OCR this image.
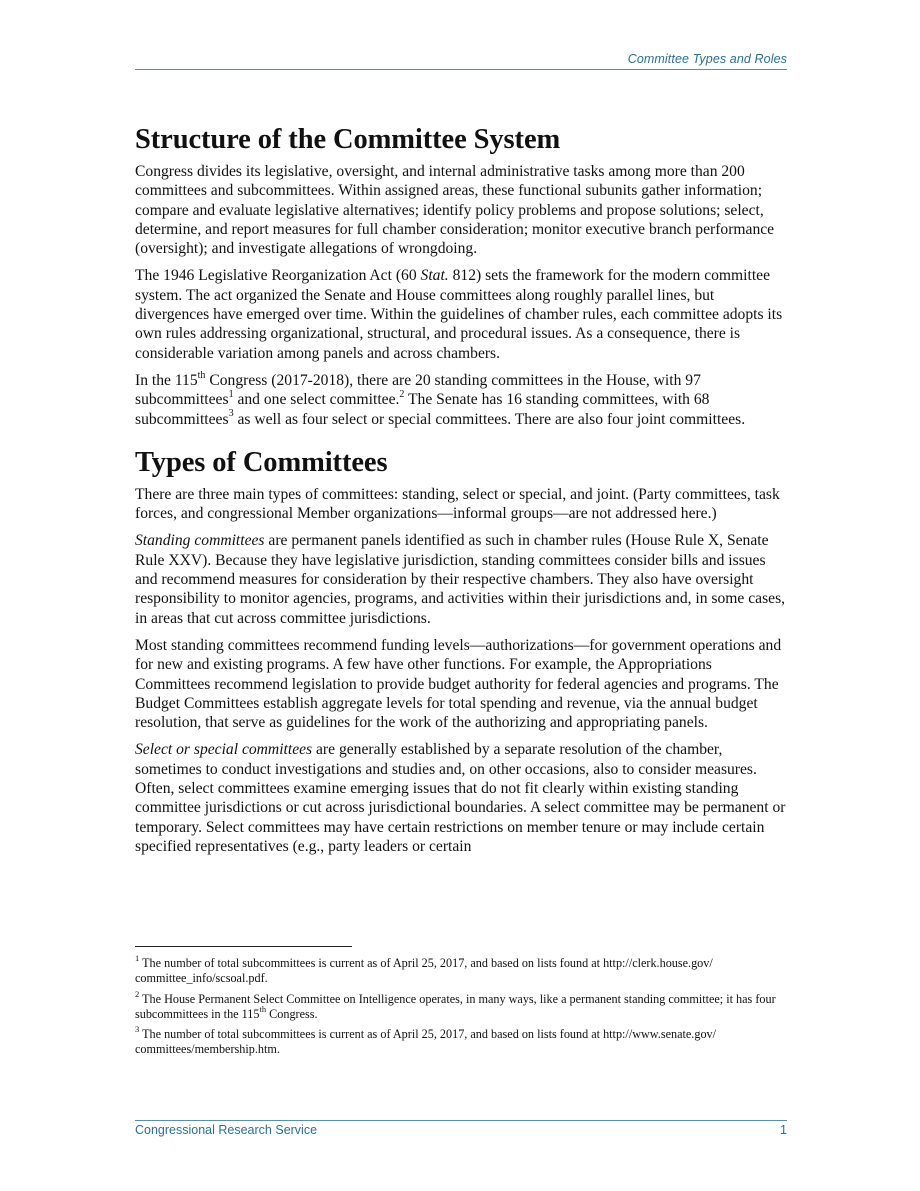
Committee Types and Roles
Structure of the Committee System

Congress divides its legislative, oversight, and internal administrative tasks among more than 200 committees and subcommittees. Within assigned areas, these functional subunits gather information; compare and evaluate legislative alternatives; identify policy problems and propose solutions; select, determine, and report measures for full chamber consideration; monitor executive branch performance (oversight); and investigate allegations of wrongdoing.

The 1946 Legislative Reorganization Act (60 Stat. 812) sets the framework for the modern committee system. The act organized the Senate and House committees along roughly parallel lines, but divergences have emerged over time. Within the guidelines of chamber rules, each committee adopts its own rules addressing organizational, structural, and procedural issues. As a consequence, there is considerable variation among panels and across chambers.

In the 115th Congress (2017-2018), there are 20 standing committees in the House, with 97 subcommittees$^1$ and one select committee.$^2$ The Senate has 16 standing committees, with 68 subcommittees$^3$ as well as four select or special committees. There are also four joint committees.

Types of Committees

There are three main types of committees: standing, select or special, and joint. (Party committees, task forces, and congressional Member organizations—informal groups—are not addressed here.)

Standing committees are permanent panels identified as such in chamber rules (House Rule X, Senate Rule XXV). Because they have legislative jurisdiction, standing committees consider bills and issues and recommend measures for consideration by their respective chambers. They also have oversight responsibility to monitor agencies, programs, and activities within their jurisdictions and, in some cases, in areas that cut across committee jurisdictions.

Most standing committees recommend funding levels—authorizations—for government operations and for new and existing programs. A few have other functions. For example, the Appropriations Committees recommend legislation to provide budget authority for federal agencies and programs. The Budget Committees establish aggregate levels for total spending and revenue, via the annual budget resolution, that serve as guidelines for the work of the authorizing and appropriating panels.

Select or special committees are generally established by a separate resolution of the chamber, sometimes to conduct investigations and studies and, on other occasions, also to consider measures. Often, select committees examine emerging issues that do not fit clearly within existing standing committee jurisdictions or cut across jurisdictional boundaries. A select committee may be permanent or temporary. Select committees may have certain restrictions on member tenure or may include certain specified representatives (e.g., party leaders or certain

$^1$ The number of total subcommittees is current as of April 25, 2017, and based on lists found at http://clerk.house.gov/ committee_info/scsoal.pdf.

$^2$ The House Permanent Select Committee on Intelligence operates, in many ways, like a permanent standing committee; it has four subcommittees in the 115th Congress.

$^3$ The number of total subcommittees is current as of April 25, 2017, and based on lists found at http://www.senate.gov/ committees/membership.htm.

Congressional Research Service	1
